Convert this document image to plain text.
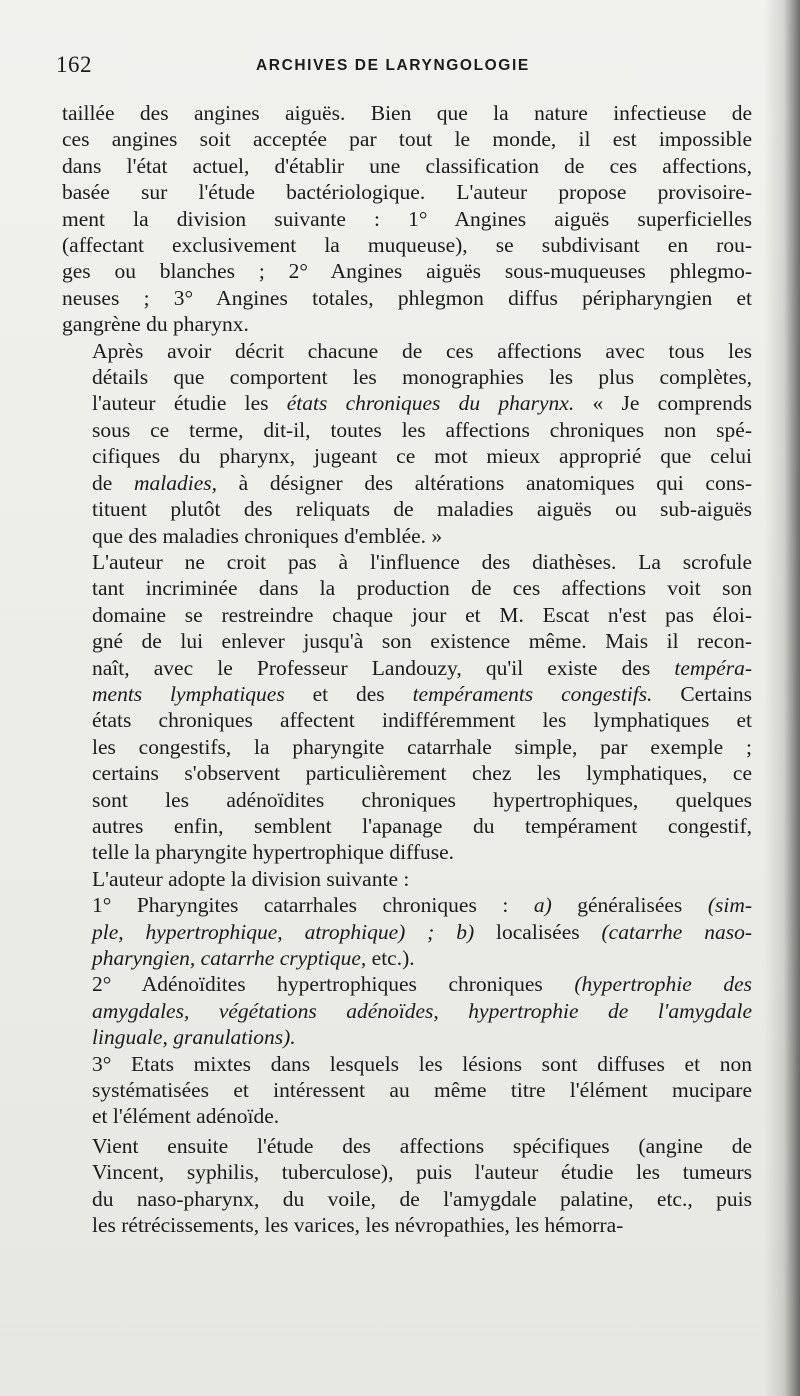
162	ARCHIVES DE LARYNGOLOGIE

taillée des angines aiguës. Bien que la nature infectieuse de
ces angines soit acceptée par tout le monde, il est impossible
dans l'état actuel, d'établir une classification de ces affections,
basée sur l'étude bactériologique. L'auteur propose provisoire-
ment la division suivante : 1° Angines aiguës superficielles
(affectant exclusivement la muqueuse), se subdivisant en rou-
ges ou blanches ; 2° Angines aiguës sous-muqueuses phlegmo-
neuses ; 3° Angines totales, phlegmon diffus péripharyngien et
gangrène du pharynx.

Après avoir décrit chacune de ces affections avec tous les
détails que comportent les monographies les plus complètes,
l'auteur étudie les états chroniques du pharynx. « Je comprends
sous ce terme, dit-il, toutes les affections chroniques non spé-
cifiques du pharynx, jugeant ce mot mieux approprié que celui
de maladies, à désigner des altérations anatomiques qui cons-
tituent plutôt des reliquats de maladies aiguës ou sub-aiguës
que des maladies chroniques d'emblée. »

L'auteur ne croit pas à l'influence des diathèses. La scrofule
tant incriminée dans la production de ces affections voit son
domaine se restreindre chaque jour et M. Escat n'est pas éloi-
gné de lui enlever jusqu'à son existence même. Mais il recon-
naît, avec le Professeur Landouzy, qu'il existe des tempéra-
ments lymphatiques et des tempéraments congestifs. Certains
états chroniques affectent indifféremment les lymphatiques et
les congestifs, la pharyngite catarrhale simple, par exemple ;
certains s'observent particulièrement chez les lymphatiques, ce
sont les adénoïdites chroniques hypertrophiques, quelques
autres enfin, semblent l'apanage du tempérament congestif,
telle la pharyngite hypertrophique diffuse.

L'auteur adopte la division suivante :

1° Pharyngites catarrhales chroniques : a) généralisées (sim-
ple, hypertrophique, atrophique) ; b) localisées (catarrhe naso-
pharyngien, catarrhe cryptique, etc.).

2° Adénoïdites hypertrophiques chroniques (hypertrophie des
amygdales, végétations adénoïdes, hypertrophie de l'amygdale
linguale, granulations).

3° Etats mixtes dans lesquels les lésions sont diffuses et non
systématisées et intéressent au même titre l'élément mucipare
et l'élément adénoïde.

Vient ensuite l'étude des affections spécifiques (angine de
Vincent, syphilis, tuberculose), puis l'auteur étudie les tumeurs
du naso-pharynx, du voile, de l'amygdale palatine, etc., puis
les rétrécissements, les varices, les névropathies, les hémorra-
